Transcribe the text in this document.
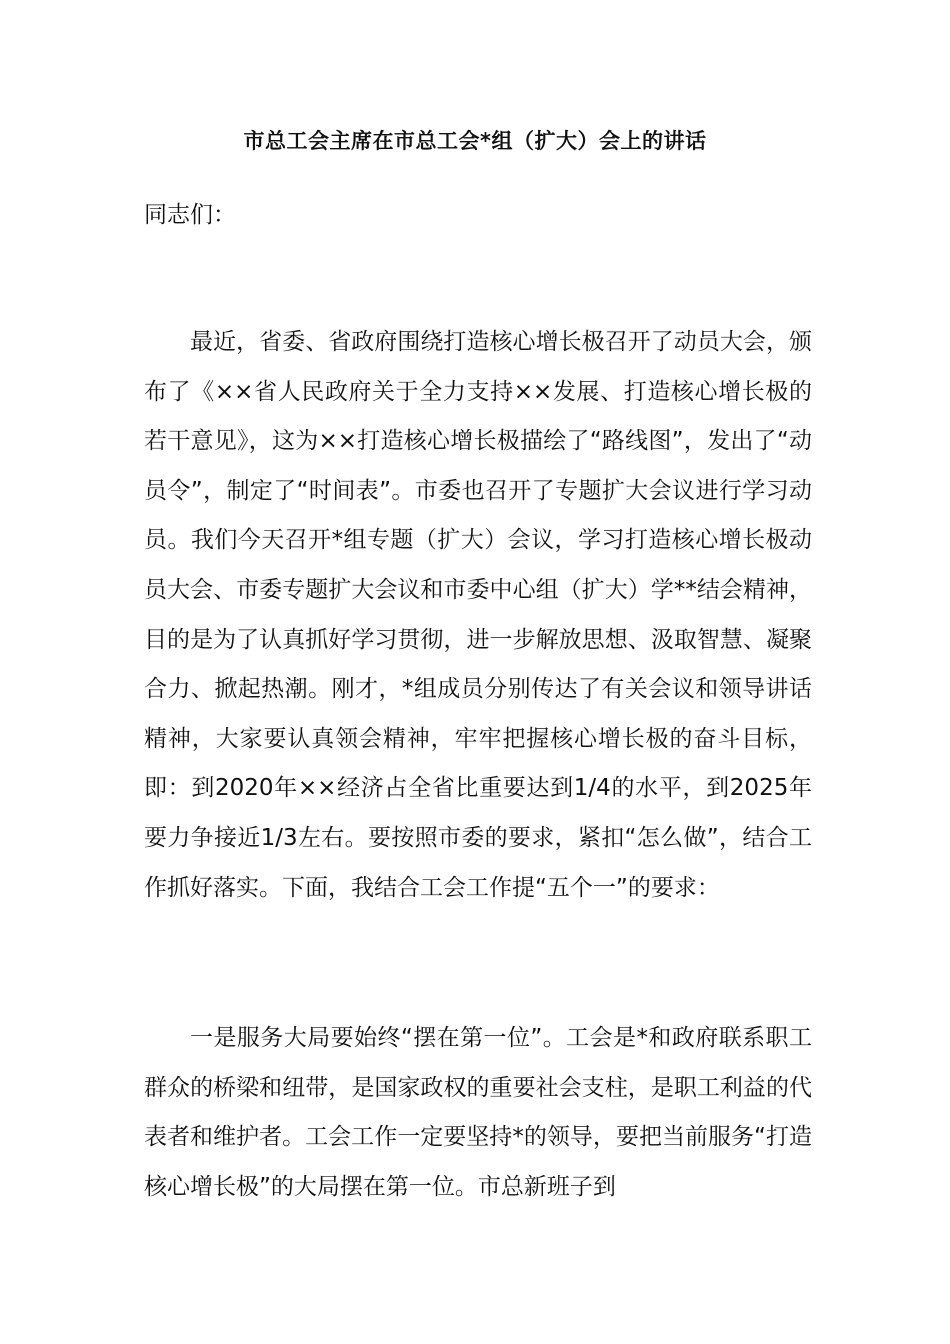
市总工会主席在市总工会*组（扩大）会上的讲话
同志们：

最近，省委、省政府围绕打造核心增长极召开了动员大会，颁布了《××省人民政府关于全力支持××发展、打造核心增长极的若干意见》，这为××打造核心增长极描绘了“路线图”，发出了“动员令”，制定了“时间表”。市委也召开了专题扩大会议进行学习动员。我们今天召开*组专题（扩大）会议，学习打造核心增长极动员大会、市委专题扩大会议和市委中心组（扩大）学**结会精神，目的是为了认真抓好学习贯彻，进一步解放思想、汲取智慧、凝聚合力、掀起热潮。刚才，*组成员分别传达了有关会议和领导讲话精神，大家要认真领会精神，牢牢把握核心增长极的奋斗目标，即：到2020年××经济占全省比重要达到1/4的水平，到2025年要力争接近1/3左右。要按照市委的要求，紧扣“怎么做”，结合工作抓好落实。下面，我结合工会工作提“五个一”的要求：

一是服务大局要始终“摆在第一位”。工会是*和政府联系职工群众的桥梁和纽带，是国家政权的重要社会支柱，是职工利益的代表者和维护者。工会工作一定要坚持*的领导，要把当前服务“打造核心增长极”的大局摆在第一位。市总新班子到
